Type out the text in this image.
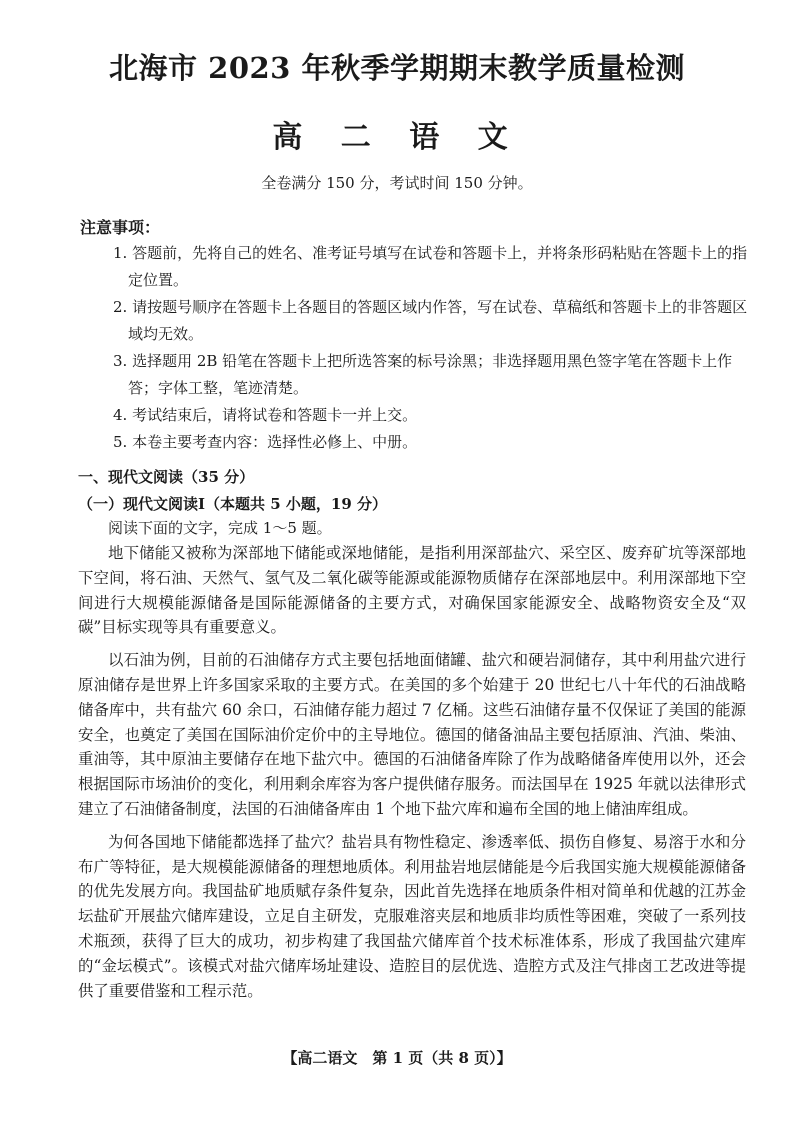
北海市 2023 年秋季学期期末教学质量检测
高 二 语 文
全卷满分 150 分，考试时间 150 分钟。
注意事项：
1. 答题前，先将自己的姓名、准考证号填写在试卷和答题卡上，并将条形码粘贴在答题卡上的指定位置。
2. 请按题号顺序在答题卡上各题目的答题区域内作答，写在试卷、草稿纸和答题卡上的非答题区域均无效。
3. 选择题用 2B 铅笔在答题卡上把所选答案的标号涂黑；非选择题用黑色签字笔在答题卡上作答；字体工整，笔迹清楚。
4. 考试结束后，请将试卷和答题卡一并上交。
5. 本卷主要考查内容：选择性必修上、中册。
一、现代文阅读（35 分）
（一）现代文阅读Ⅰ（本题共 5 小题，19 分）
阅读下面的文字，完成 1～5 题。

地下储能又被称为深部地下储能或深地储能，是指利用深部盐穴、采空区、废弃矿坑等深部地下空间，将石油、天然气、氢气及二氧化碳等能源或能源物质储存在深部地层中。利用深部地下空间进行大规模能源储备是国际能源储备的主要方式，对确保国家能源安全、战略物资安全及“双碳”目标实现等具有重要意义。

以石油为例，目前的石油储存方式主要包括地面储罐、盐穴和硬岩洞储存，其中利用盐穴进行原油储存是世界上许多国家采取的主要方式。在美国的多个始建于 20 世纪七八十年代的石油战略储备库中，共有盐穴 60 余口，石油储存能力超过 7 亿桶。这些石油储存量不仅保证了美国的能源安全，也奠定了美国在国际油价定价中的主导地位。德国的储备油品主要包括原油、汽油、柴油、重油等，其中原油主要储存在地下盐穴中。德国的石油储备库除了作为战略储备库使用以外，还会根据国际市场油价的变化，利用剩余库容为客户提供储存服务。而法国早在 1925 年就以法律形式建立了石油储备制度，法国的石油储备库由 1 个地下盐穴库和遍布全国的地上储油库组成。

为何各国地下储能都选择了盐穴？盐岩具有物性稳定、渗透率低、损伤自修复、易溶于水和分布广等特征，是大规模能源储备的理想地质体。利用盐岩地层储能是今后我国实施大规模能源储备的优先发展方向。我国盐矿地质赋存条件复杂，因此首先选择在地质条件相对简单和优越的江苏金坛盐矿开展盐穴储库建设，立足自主研发，克服难溶夹层和地质非均质性等困难，突破了一系列技术瓶颈，获得了巨大的成功，初步构建了我国盐穴储库首个技术标准体系，形成了我国盐穴建库的“金坛模式”。该模式对盐穴储库场址建设、造腔目的层优选、造腔方式及注气排卤工艺改进等提供了重要借鉴和工程示范。

【高二语文　第 1 页（共 8 页）】
